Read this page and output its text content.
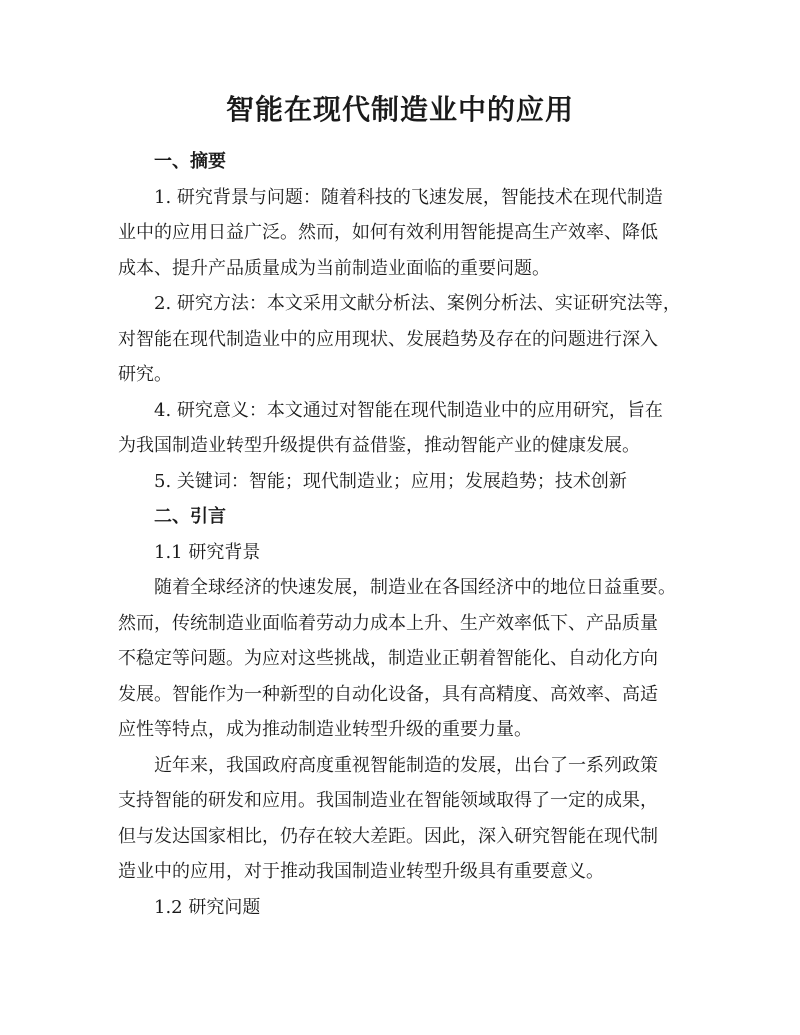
智能在现代制造业中的应用
一、摘要
1. 研究背景与问题：随着科技的飞速发展，智能技术在现代制造
业中的应用日益广泛。然而，如何有效利用智能提高生产效率、降低
成本、提升产品质量成为当前制造业面临的重要问题。
2. 研究方法：本文采用文献分析法、案例分析法、实证研究法等，
对智能在现代制造业中的应用现状、发展趋势及存在的问题进行深入
研究。
4. 研究意义：本文通过对智能在现代制造业中的应用研究，旨在
为我国制造业转型升级提供有益借鉴，推动智能产业的健康发展。
5. 关键词：智能；现代制造业；应用；发展趋势；技术创新
二、引言
1.1 研究背景
随着全球经济的快速发展，制造业在各国经济中的地位日益重要。
然而，传统制造业面临着劳动力成本上升、生产效率低下、产品质量
不稳定等问题。为应对这些挑战，制造业正朝着智能化、自动化方向
发展。智能作为一种新型的自动化设备，具有高精度、高效率、高适
应性等特点，成为推动制造业转型升级的重要力量。
近年来，我国政府高度重视智能制造的发展，出台了一系列政策
支持智能的研发和应用。我国制造业在智能领域取得了一定的成果，
但与发达国家相比，仍存在较大差距。因此，深入研究智能在现代制
造业中的应用，对于推动我国制造业转型升级具有重要意义。
1.2 研究问题
